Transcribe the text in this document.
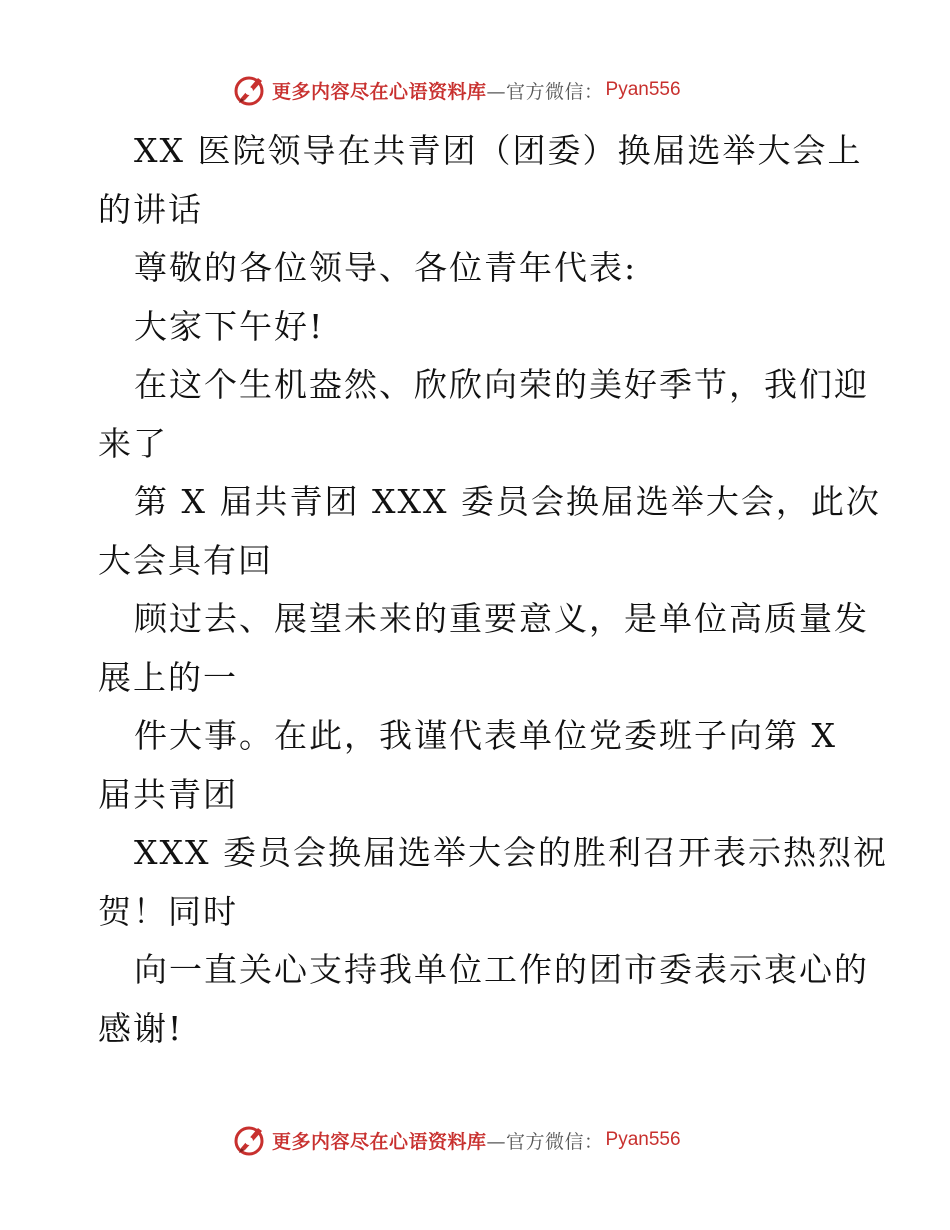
更多内容尽在心语资料库 —官方微信： Pyan556
XX 医院领导在共青团（团委）换届选举大会上
的讲话
尊敬的各位领导、各位青年代表:
大家下午好!
在这个生机盎然、欣欣向荣的美好季节，我们迎
来了
第 X 届共青团 XXX 委员会换届选举大会，此次
大会具有回
顾过去、展望未来的重要意义，是单位高质量发
展上的一
件大事。在此，我谨代表单位党委班子向第 X
届共青团
XXX 委员会换届选举大会的胜利召开表示热烈祝
贺！同时
向一直关心支持我单位工作的团市委表示衷心的
感谢!
更多内容尽在心语资料库 —官方微信： Pyan556
